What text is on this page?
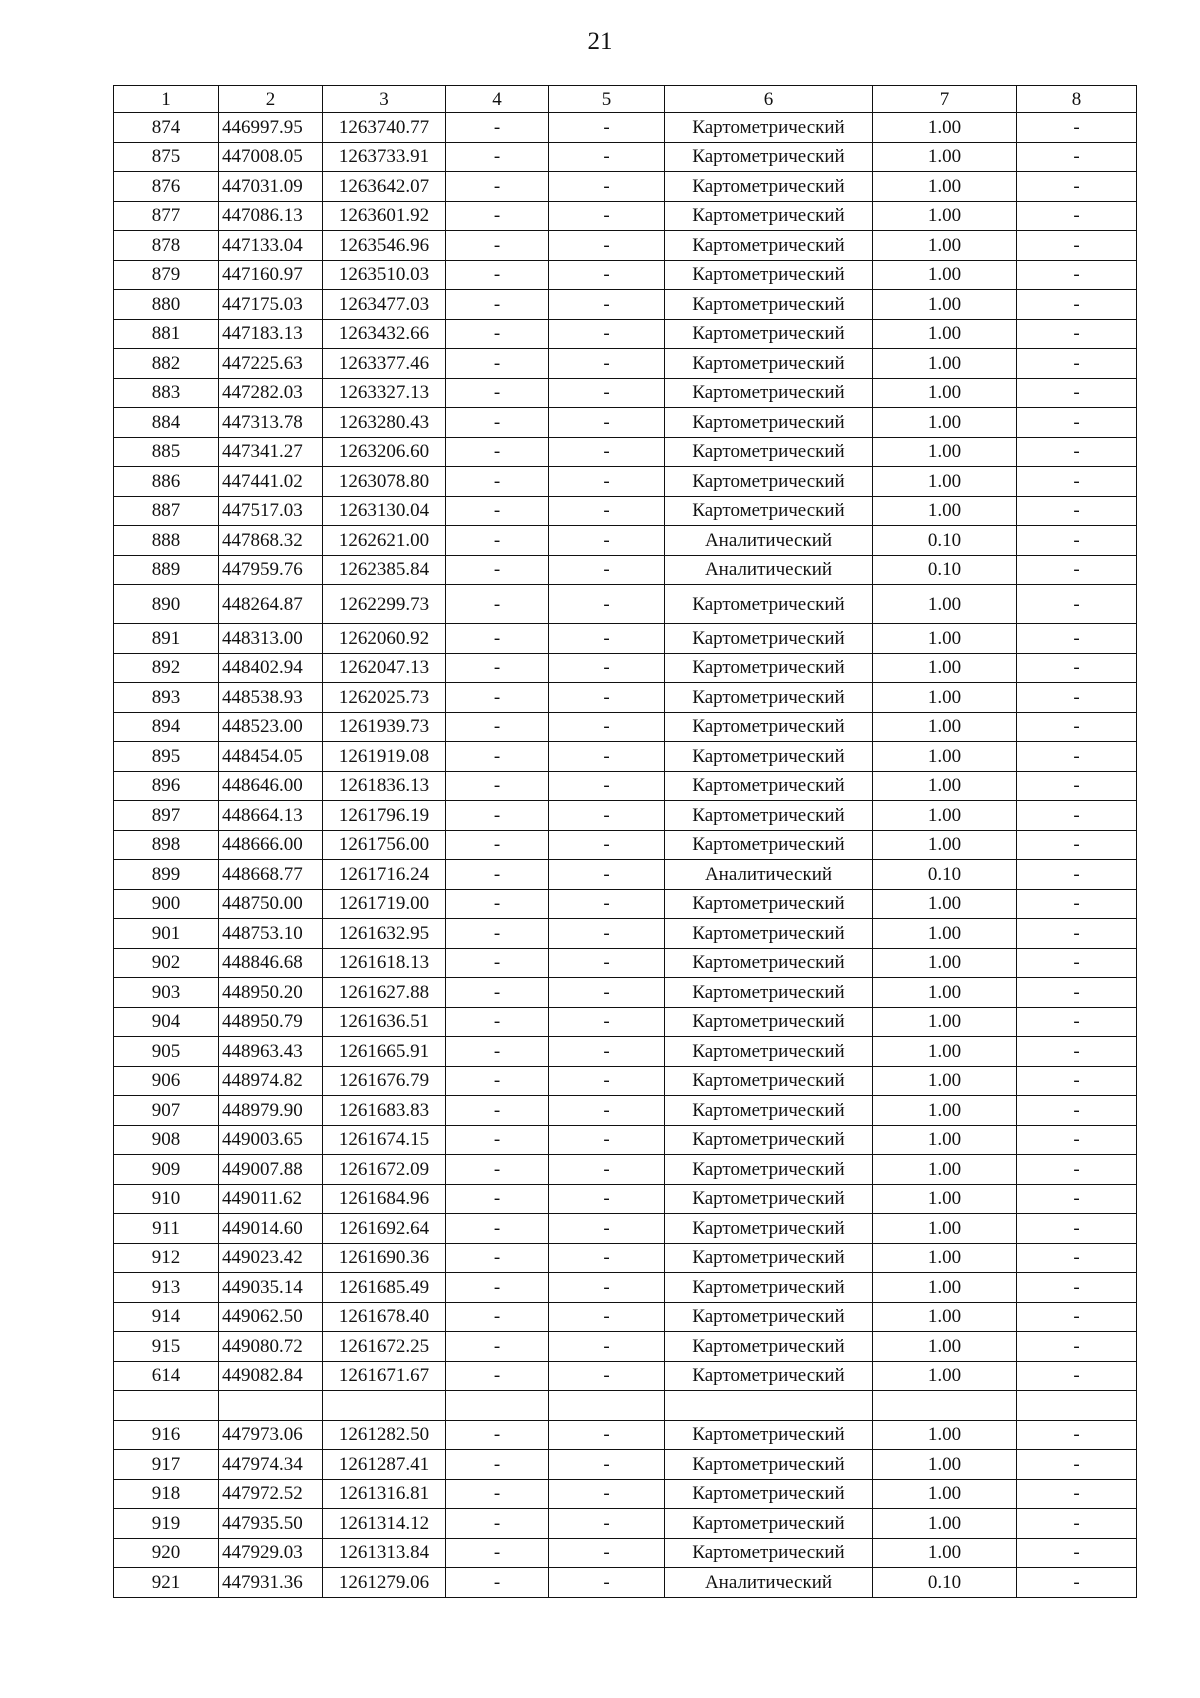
21
1	2	3	4	5	6	7	8
874	446997.95	1263740.77	-	-	Картометрический	1.00	-
875	447008.05	1263733.91	-	-	Картометрический	1.00	-
876	447031.09	1263642.07	-	-	Картометрический	1.00	-
877	447086.13	1263601.92	-	-	Картометрический	1.00	-
878	447133.04	1263546.96	-	-	Картометрический	1.00	-
879	447160.97	1263510.03	-	-	Картометрический	1.00	-
880	447175.03	1263477.03	-	-	Картометрический	1.00	-
881	447183.13	1263432.66	-	-	Картометрический	1.00	-
882	447225.63	1263377.46	-	-	Картометрический	1.00	-
883	447282.03	1263327.13	-	-	Картометрический	1.00	-
884	447313.78	1263280.43	-	-	Картометрический	1.00	-
885	447341.27	1263206.60	-	-	Картометрический	1.00	-
886	447441.02	1263078.80	-	-	Картометрический	1.00	-
887	447517.03	1263130.04	-	-	Картометрический	1.00	-
888	447868.32	1262621.00	-	-	Аналитический	0.10	-
889	447959.76	1262385.84	-	-	Аналитический	0.10	-
890	448264.87	1262299.73	-	-	Картометрический	1.00	-
891	448313.00	1262060.92	-	-	Картометрический	1.00	-
892	448402.94	1262047.13	-	-	Картометрический	1.00	-
893	448538.93	1262025.73	-	-	Картометрический	1.00	-
894	448523.00	1261939.73	-	-	Картометрический	1.00	-
895	448454.05	1261919.08	-	-	Картометрический	1.00	-
896	448646.00	1261836.13	-	-	Картометрический	1.00	-
897	448664.13	1261796.19	-	-	Картометрический	1.00	-
898	448666.00	1261756.00	-	-	Картометрический	1.00	-
899	448668.77	1261716.24	-	-	Аналитический	0.10	-
900	448750.00	1261719.00	-	-	Картометрический	1.00	-
901	448753.10	1261632.95	-	-	Картометрический	1.00	-
902	448846.68	1261618.13	-	-	Картометрический	1.00	-
903	448950.20	1261627.88	-	-	Картометрический	1.00	-
904	448950.79	1261636.51	-	-	Картометрический	1.00	-
905	448963.43	1261665.91	-	-	Картометрический	1.00	-
906	448974.82	1261676.79	-	-	Картометрический	1.00	-
907	448979.90	1261683.83	-	-	Картометрический	1.00	-
908	449003.65	1261674.15	-	-	Картометрический	1.00	-
909	449007.88	1261672.09	-	-	Картометрический	1.00	-
910	449011.62	1261684.96	-	-	Картометрический	1.00	-
911	449014.60	1261692.64	-	-	Картометрический	1.00	-
912	449023.42	1261690.36	-	-	Картометрический	1.00	-
913	449035.14	1261685.49	-	-	Картометрический	1.00	-
914	449062.50	1261678.40	-	-	Картометрический	1.00	-
915	449080.72	1261672.25	-	-	Картометрический	1.00	-
614	449082.84	1261671.67	-	-	Картометрический	1.00	-

916	447973.06	1261282.50	-	-	Картометрический	1.00	-
917	447974.34	1261287.41	-	-	Картометрический	1.00	-
918	447972.52	1261316.81	-	-	Картометрический	1.00	-
919	447935.50	1261314.12	-	-	Картометрический	1.00	-
920	447929.03	1261313.84	-	-	Картометрический	1.00	-
921	447931.36	1261279.06	-	-	Аналитический	0.10	-
